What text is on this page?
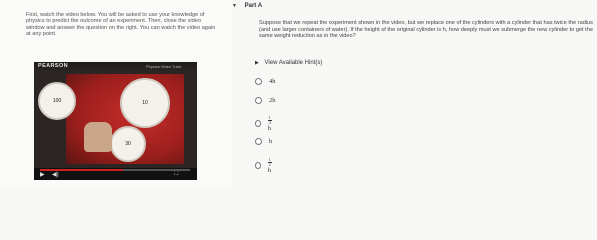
First, watch the video below. You will be asked to use your knowledge of physics to predict the outcome of an experiment. Then, close the video window and answer the question on the right. You can watch the video again at any point.
PEARSON	Physics Video Tutor
100	10
30
▶ ◀)	⛶
▼ Part A
Suppose that we repeat the experiment shown in the video, but we replace one of the cylinders with a cylinder that has twice the radius (and use larger containers of water). If the height of the original cylinder is h, how deeply must we submerge the new cylinder to get the same weight reduction as in the video?
▶ View Available Hint(s)
4h
2h
$\frac{1}{4}$
h
h
$\frac{1}{2}$
h
